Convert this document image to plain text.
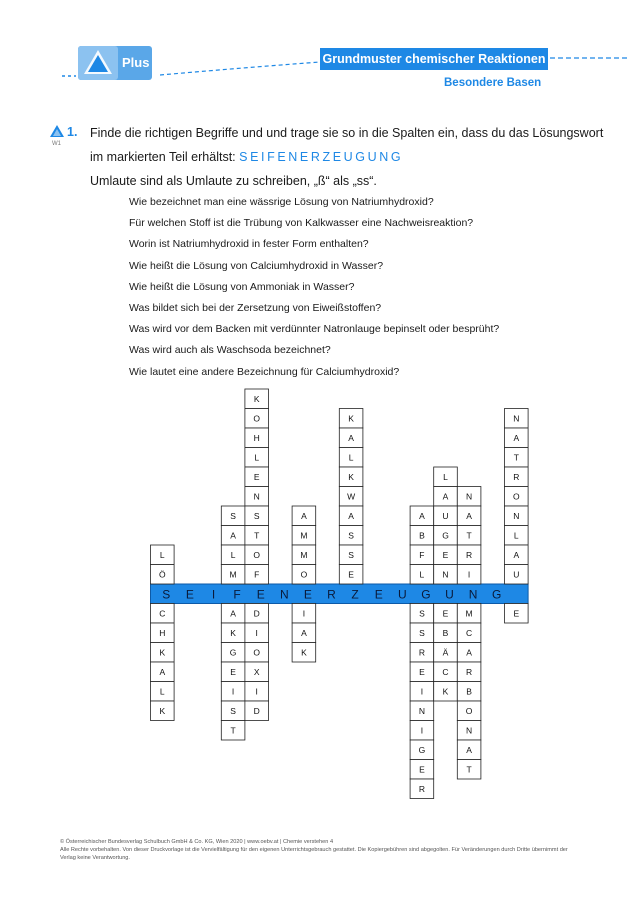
Plus	Grundmuster chemischer Reaktionen
Besondere Basen
W1
1. Finde die richtigen Begriffe und und trage sie so in die Spalten ein, dass du das Lösungswort
im markierten Teil erhältst: SEIFENERZEUGUNG
Umlaute sind als Umlaute zu schreiben, „ß“ als „ss“.
Wie bezeichnet man eine wässrige Lösung von Natriumhydroxid?
Für welchen Stoff ist die Trübung von Kalkwasser eine Nachweisreaktion?
Worin ist Natriumhydroxid in fester Form enthalten?
Wie heißt die Lösung von Calciumhydroxid in Wasser?
Wie heißt die Lösung von Ammoniak in Wasser?
Was bildet sich bei der Zersetzung von Eiweißstoffen?
Was wird vor dem Backen mit verdünnter Natronlauge bepinselt oder besprüht?
Was wird auch als Waschsoda bezeichnet?
Wie lautet eine andere Bezeichnung für Calciumhydroxid?
L
Ö
C
H
K
A
L
K
S
A
L
M
A
K
G
E
I
S
T
K
O
H
L
E
N
S
T
O
F
D
I
O
X
I
D
A
M
M
O
I
A
K
K
A
L
K
W
A
S
S
E
A
B
F
L
S
S
R
E
I
N
I
G
E
R
L
A
U
G
E
N
E
B
Ä
C
K
N
A
T
R
I
M
C
A
R
B
O
N
A
T
N
A
T
R
O
N
L
A
U
E
S E I F E N E R Z E U G U N G
© Österreichischer Bundesverlag Schulbuch GmbH & Co. KG, Wien 2020 | www.oebv.at | Chemie verstehen 4
Alle Rechte vorbehalten. Von dieser Druckvorlage ist die Vervielfältigung für den eigenen Unterrichtsgebrauch gestattet. Die Kopiergebühren sind abgegolten. Für Veränderungen durch Dritte übernimmt der Verlag keine Verantwortung.
